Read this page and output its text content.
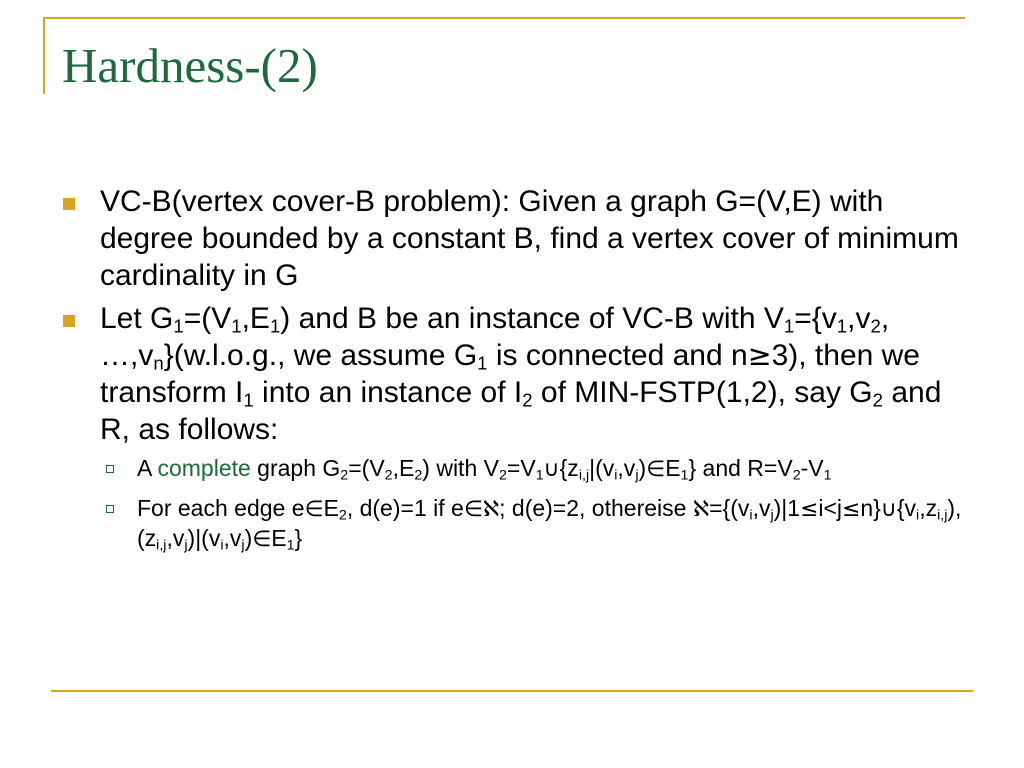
Hardness-(2)
VC-B(vertex cover-B problem): Given a graph G=(V,E) with degree bounded by a constant B, find a vertex cover of minimum cardinality in G
Let $G_1=(V_1,E_1)$ and B be an instance of VC-B with $V_1=\{v_1,v_2$, $\dots,v_n\}(w.l.o.g$., we assume $G_1$ is connected and n≥3), then we transform $I_1$ into an instance of $I_2$ of MIN-FSTP(1,2), say $G_2$ and R, as follows:
A complete graph $G_2=(V_2,E_2)$ with $V_2=V_1\cup\{z_{i,j}|(v_i,v_j)\in E_1\}$ and $R=V_2-V_1$
For each edge $e\in E_2$, d(e)=1 if e∈ℵ; d(e)=2, othereise $ℵ=\{(v_i,v_j)|1\le i<j\le n\}\cup\{v_i,z_{i,j}),(z_{i,j},v_j)|(v_i,v_j)\in E_1$}
